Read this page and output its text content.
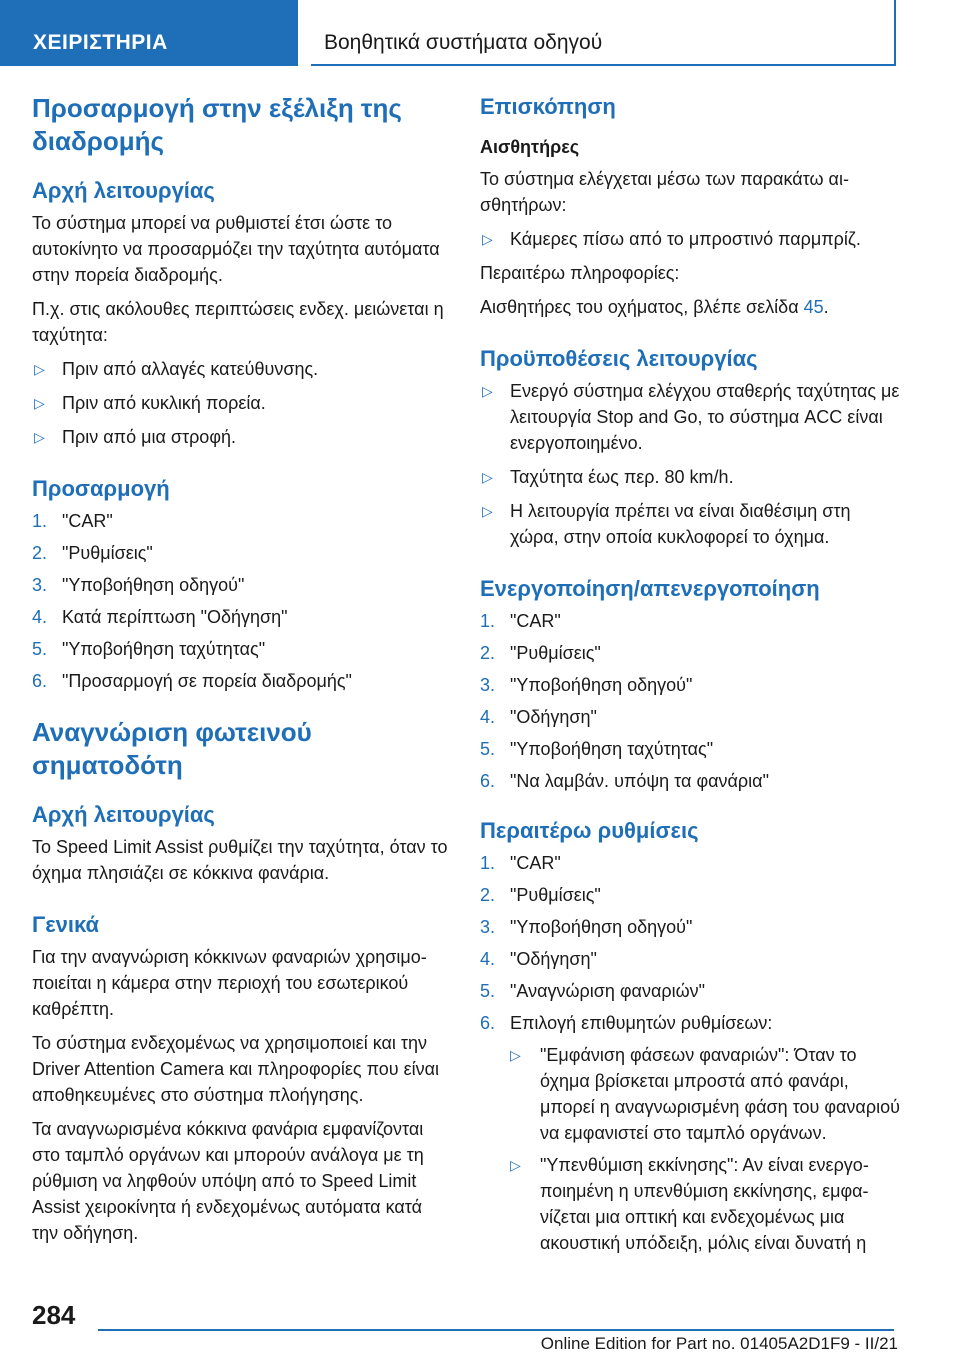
ΧΕΙΡΙΣΤΗΡΙΑ	Βοηθητικά συστήματα οδηγού
Προσαρμογή στην εξέλιξη της διαδρομής
Αρχή λειτουργίας

Το σύστημα μπορεί να ρυθμιστεί έτσι ώστε το αυτοκίνητο να προσαρμόζει την ταχύτητα αυτόματα στην πορεία διαδρομής.

Π.χ. στις ακόλουθες περιπτώσεις ενδεχ. μειώνεται η ταχύτητα:

▷ Πριν από αλλαγές κατεύθυνσης.
▷ Πριν από κυκλική πορεία.
▷ Πριν από μια στροφή.
Προσαρμογή
1. "CAR"
2. "Ρυθμίσεις"
3. "Υποβοήθηση οδηγού"
4. Κατά περίπτωση "Οδήγηση"
5. "Υποβοήθηση ταχύτητας"
6. "Προσαρμογή σε πορεία διαδρομής"
Αναγνώριση φωτεινού σηματοδότη
Αρχή λειτουργίας

Το Speed Limit Assist ρυθμίζει την ταχύτητα, όταν το όχημα πλησιάζει σε κόκκινα φανάρια.

Γενικά

Για την αναγνώριση κόκκινων φαναριών χρησιμοποιείται η κάμερα στην περιοχή του εσωτερικού καθρέπτη.

Το σύστημα ενδεχομένως να χρησιμοποιεί και την Driver Attention Camera και πληροφορίες που είναι αποθηκευμένες στο σύστημα πλοήγησης.

Τα αναγνωρισμένα κόκκινα φανάρια εμφανίζονται στο ταμπλό οργάνων και μπορούν ανάλογα με τη ρύθμιση να ληφθούν υπόψη από το Speed Limit Assist χειροκίνητα ή ενδεχομένως αυτόματα κατά την οδήγηση.

Επισκόπηση
Αισθητήρες

Το σύστημα ελέγχεται μέσω των παρακάτω αισθητήρων:

▷ Κάμερες πίσω από το μπροστινό παρμπρίζ.

Περαιτέρω πληροφορίες:

Αισθητήρες του οχήματος, βλέπε σελίδα 45.

Προϋποθέσεις λειτουργίας
▷ Ενεργό σύστημα ελέγχου σταθερής ταχύτητας με λειτουργία Stop and Go, το σύστημα ACC είναι ενεργοποιημένο.
▷ Ταχύτητα έως περ. 80 km/h.
▷ Η λειτουργία πρέπει να είναι διαθέσιμη στη χώρα, στην οποία κυκλοφορεί το όχημα.
Ενεργοποίηση/απενεργοποίηση
1. "CAR"
2. "Ρυθμίσεις"
3. "Υποβοήθηση οδηγού"
4. "Οδήγηση"
5. "Υποβοήθηση ταχύτητας"
6. "Να λαμβάν. υπόψη τα φανάρια"
Περαιτέρω ρυθμίσεις
1. "CAR"
2. "Ρυθμίσεις"
3. "Υποβοήθηση οδηγού"
4. "Οδήγηση"
5. "Αναγνώριση φαναριών"
6. Επιλογή επιθυμητών ρυθμίσεων:
▷ "Εμφάνιση φάσεων φαναριών": Όταν το όχημα βρίσκεται μπροστά από φανάρι, μπορεί η αναγνωρισμένη φάση του φαναριού να εμφανιστεί στο ταμπλό οργάνων.
▷ "Υπενθύμιση εκκίνησης": Αν είναι ενεργοποιημένη η υπενθύμιση εκκίνησης, εμφανίζεται μια οπτική και ενδεχομένως μια ακουστική υπόδειξη, μόλις είναι δυνατή η
284
Online Edition for Part no. 01405A2D1F9 - II/21
